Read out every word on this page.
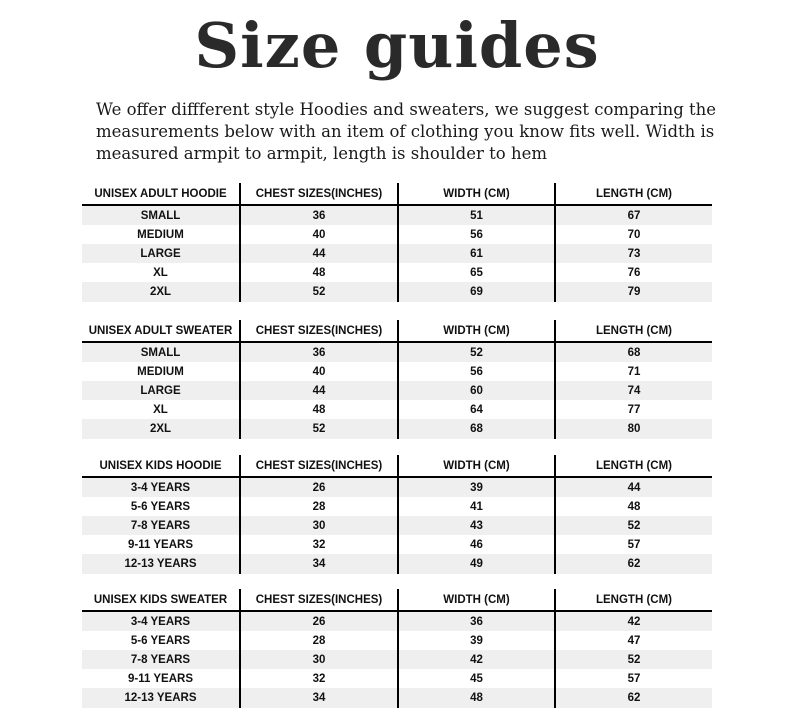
Size guides
We offer diffferent style Hoodies and sweaters, we suggest comparing the
measurements below with an item of clothing you know fits well. Width is
measured armpit to armpit, length is shoulder to hem
UNISEX ADULT HOODIE	CHEST SIZES(INCHES)	WIDTH (CM)	LENGTH (CM)
SMALL	36	51	67
MEDIUM	40	56	70
LARGE	44	61	73
XL	48	65	76
2XL	52	69	79
UNISEX ADULT SWEATER	CHEST SIZES(INCHES)	WIDTH (CM)	LENGTH (CM)
SMALL	36	52	68
MEDIUM	40	56	71
LARGE	44	60	74
XL	48	64	77
2XL	52	68	80
UNISEX KIDS HOODIE	CHEST SIZES(INCHES)	WIDTH (CM)	LENGTH (CM)
3-4 YEARS	26	39	44
5-6 YEARS	28	41	48
7-8 YEARS	30	43	52
9-11 YEARS	32	46	57
12-13 YEARS	34	49	62
UNISEX KIDS SWEATER	CHEST SIZES(INCHES)	WIDTH (CM)	LENGTH (CM)
3-4 YEARS	26	36	42
5-6 YEARS	28	39	47
7-8 YEARS	30	42	52
9-11 YEARS	32	45	57
12-13 YEARS	34	48	62
